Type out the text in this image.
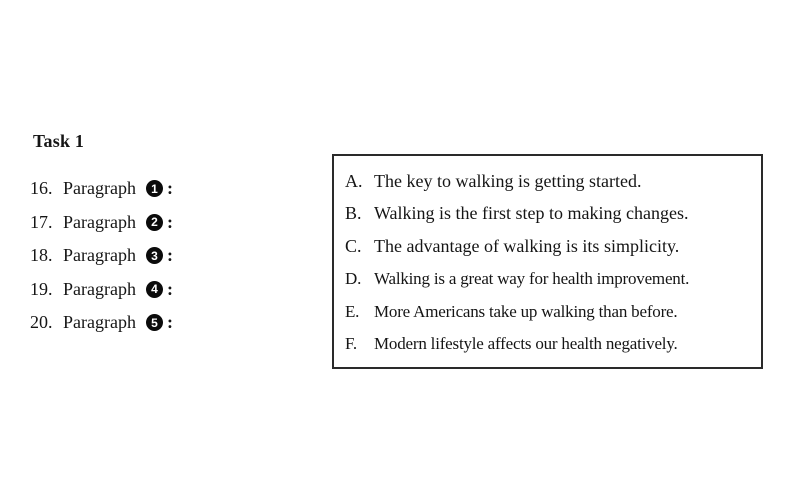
Task 1
16. Paragraph	1 :
17. Paragraph	2 :
18. Paragraph	3 :
19. Paragraph	4 :
20. Paragraph	5 :
A. The key to walking is getting started.
B. Walking is the first step to making changes.
C. The advantage of walking is its simplicity.
D. Walking is a great way for health improvement.
E. More Americans take up walking than before.
F.	Modern lifestyle affects our health negatively.
